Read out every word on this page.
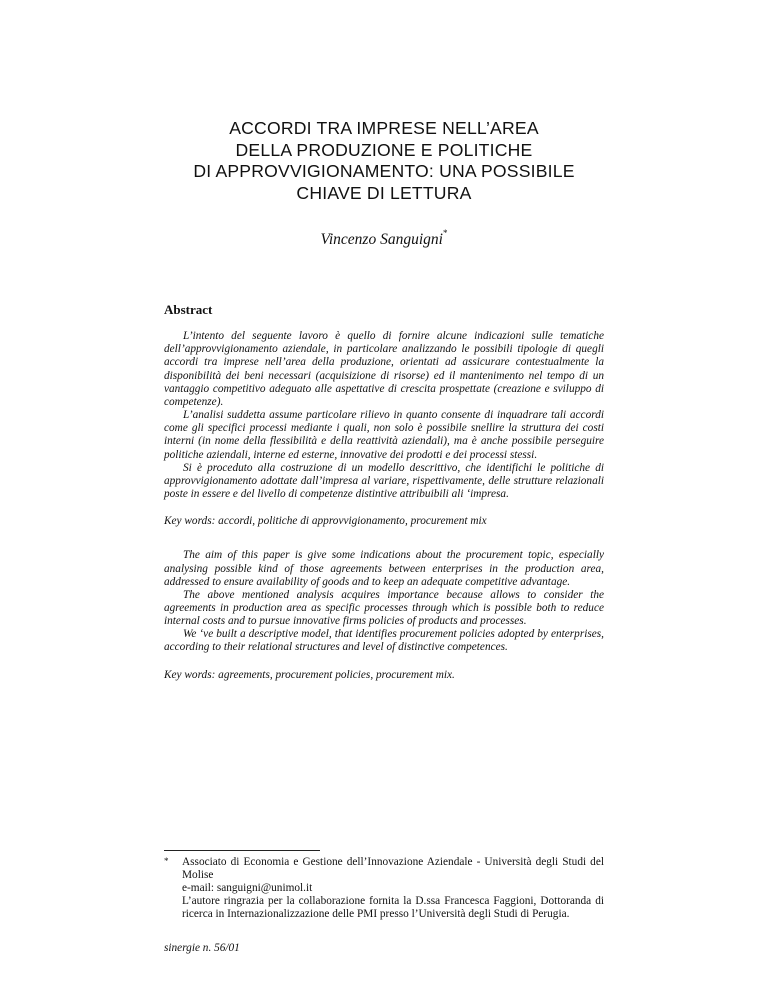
ACCORDI TRA IMPRESE NELL’AREA
DELLA PRODUZIONE E POLITICHE
DI APPROVVIGIONAMENTO: UNA POSSIBILE
CHIAVE DI LETTURA
Vincenzo Sanguigni*
Abstract

L’intento del seguente lavoro è quello di fornire alcune indicazioni sulle tematiche dell’approvvigionamento aziendale, in particolare analizzando le possibili tipologie di quegli accordi tra imprese nell’area della produzione, orientati ad assicurare contestualmente la disponibilità dei beni necessari (acquisizione di risorse) ed il mantenimento nel tempo di un vantaggio competitivo adeguato alle aspettative di crescita prospettate (creazione e sviluppo di competenze).

L’analisi suddetta assume particolare rilievo in quanto consente di inquadrare tali accordi come gli specifici processi mediante i quali, non solo è possibile snellire la struttura dei costi interni (in nome della flessibilità e della reattività aziendali), ma è anche possibile perseguire politiche aziendali, interne ed esterne, innovative dei prodotti e dei processi stessi.

Si è proceduto alla costruzione di un modello descrittivo, che identifichi le politiche di approvvigionamento adottate dall’impresa al variare, rispettivamente, delle strutture relazionali poste in essere e del livello di competenze distintive attribuibili ali ‘impresa.

Key words: accordi, politiche di approvvigionamento, procurement mix

The aim of this paper is give some indications about the procurement topic, especially analysing possible kind of those agreements between enterprises in the production area, addressed to ensure availability of goods and to keep an adequate competitive advantage.

The above mentioned analysis acquires importance because allows to consider the agreements in production area as specific processes through which is possible both to reduce internal costs and to pursue innovative firms policies of products and processes.

We ‘ve built a descriptive model, that identifies procurement policies adopted by enterprises, according to their relational structures and level of distinctive competences.

Key words: agreements, procurement policies, procurement mix.
* Associato di Economia e Gestione dell’Innovazione Aziendale - Università degli Studi del Molise
e-mail: sanguigni@unimol.it
L’autore ringrazia per la collaborazione fornita la D.ssa Francesca Faggioni, Dottoranda di ricerca in Internazionalizzazione delle PMI presso l’Università degli Studi di Perugia.
sinergie n. 56/01
